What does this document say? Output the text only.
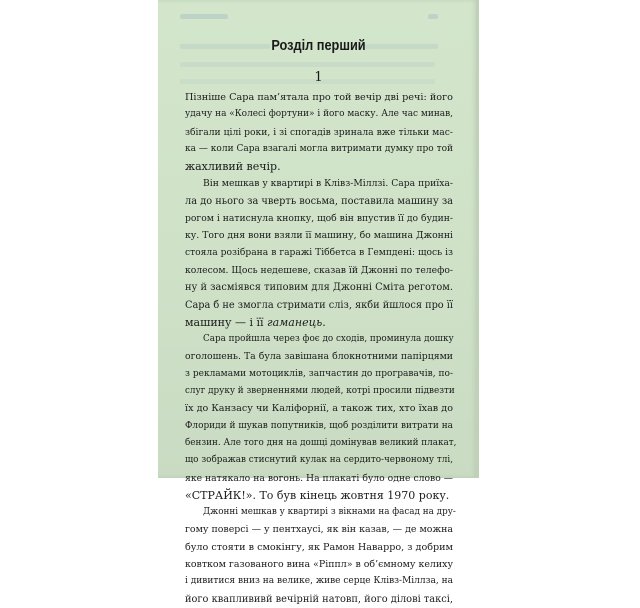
Розділ перший
1
Пізніше Сара пам’ятала про той вечір дві речі: його
удачу на «Колесі фортуни» і його маску. Але час минав,
збігали цілі роки, і зі спогадів зринала вже тільки мас-
ка — коли Сара взагалі могла витримати думку про той
жахливий вечір.
Він мешкав у квартирі в Клівз-Міллзі. Сара приїха-
ла до нього за чверть восьма, поставила машину за
рогом і натиснула кнопку, щоб він впустив її до будин-
ку. Того дня вони взяли її машину, бо машина Джонні
стояла розібрана в гаражі Тіббетса в Гемпдені: щось із
колесом. Щось недешеве, сказав їй Джонні по телефо-
ну й засміявся типовим для Джонні Сміта реготом.
Сара б не змогла стримати сліз, якби йшлося про її
машину — і її гаманець.
Сара пройшла через фоє до сходів, проминула дошку
оголошень. Та була завішана блокнотними папірцями
з рекламами мотоциклів, запчастин до програвачів, по-
слуг друку й зверненнями людей, котрі просили підвезти
їх до Канзасу чи Каліфорнії, а також тих, хто їхав до
Флориди й шукав попутників, щоб розділити витрати на
бензин. Але того дня на дошці домінував великий плакат,
що зображав стиснутий кулак на сердито-червоному тлі,
яке натякало на вогонь. На плакаті було одне слово —
«СТРАЙК!». То був кінець жовтня 1970 року.
Джонні мешкав у квартирі з вікнами на фасад на дру-
гому поверсі — у пентхаусі, як він казав, — де можна
було стояти в смокінгу, як Рамон Наварро, з добрим
ковтком газованого вина «Ріппл» в об’ємному келиху
і дивитися вниз на велике, живе серце Клівз-Міллза, на
його кваплививй вечірній натовп, його ділові таксі,
